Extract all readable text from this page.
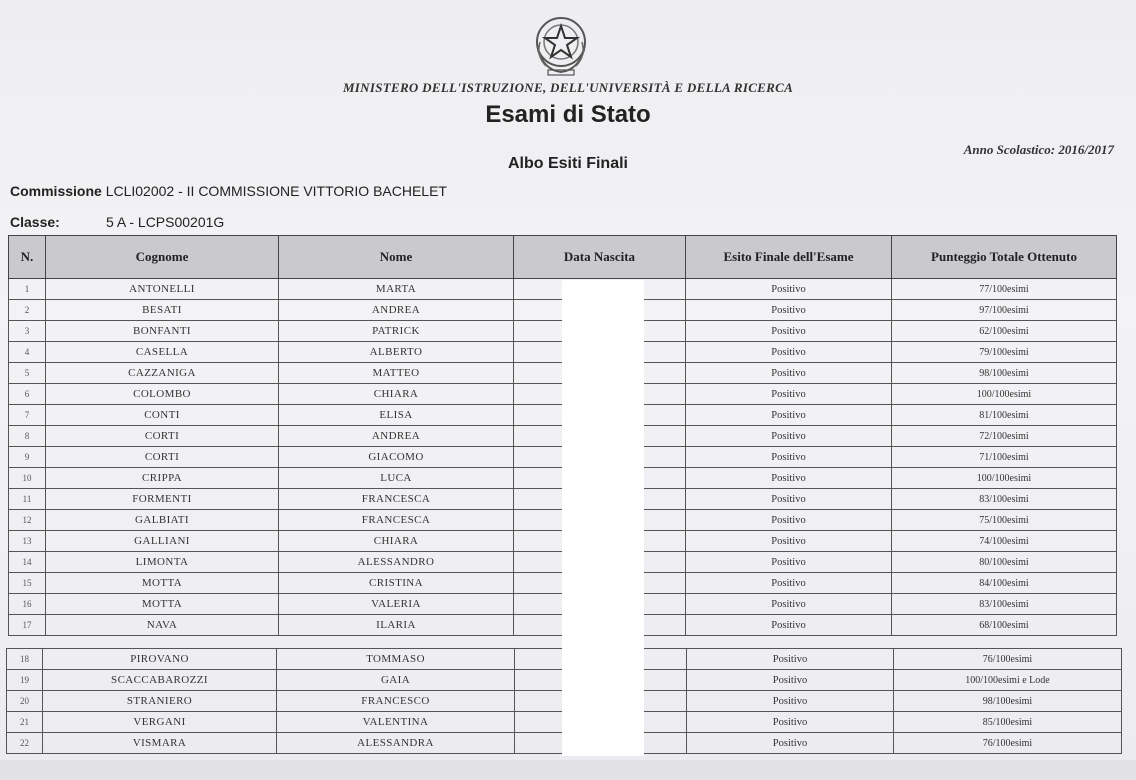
MINISTERO DELL'ISTRUZIONE, DELL'UNIVERSITÀ E DELLA RICERCA
Esami di Stato
Anno Scolastico: 2016/2017
Albo Esiti Finali
Commissione LCLI02002 - II COMMISSIONE VITTORIO BACHELET
Classe:	5 A - LCPS00201G
N.	Cognome	Nome	Data Nascita	Esito Finale dell'Esame	Punteggio Totale Ottenuto
1	ANTONELLI	MARTA		Positivo	77/100esimi
2	BESATI	ANDREA		Positivo	97/100esimi
3	BONFANTI	PATRICK		Positivo	62/100esimi
4	CASELLA	ALBERTO		Positivo	79/100esimi
5	CAZZANIGA	MATTEO		Positivo	98/100esimi
6	COLOMBO	CHIARA		Positivo	100/100esimi
7	CONTI	ELISA		Positivo	81/100esimi
8	CORTI	ANDREA		Positivo	72/100esimi
9	CORTI	GIACOMO		Positivo	71/100esimi
10	CRIPPA	LUCA		Positivo	100/100esimi
11	FORMENTI	FRANCESCA		Positivo	83/100esimi
12	GALBIATI	FRANCESCA		Positivo	75/100esimi
13	GALLIANI	CHIARA		Positivo	74/100esimi
14	LIMONTA	ALESSANDRO		Positivo	80/100esimi
15	MOTTA	CRISTINA		Positivo	84/100esimi
16	MOTTA	VALERIA		Positivo	83/100esimi
17	NAVA	ILARIA		Positivo	68/100esimi
18	PIROVANO	TOMMASO		Positivo	76/100esimi
19	SCACCABAROZZI	GAIA		Positivo	100/100esimi e Lode
20	STRANIERO	FRANCESCO		Positivo	98/100esimi
21	VERGANI	VALENTINA		Positivo	85/100esimi
22	VISMARA	ALESSANDRA		Positivo	76/100esimi
